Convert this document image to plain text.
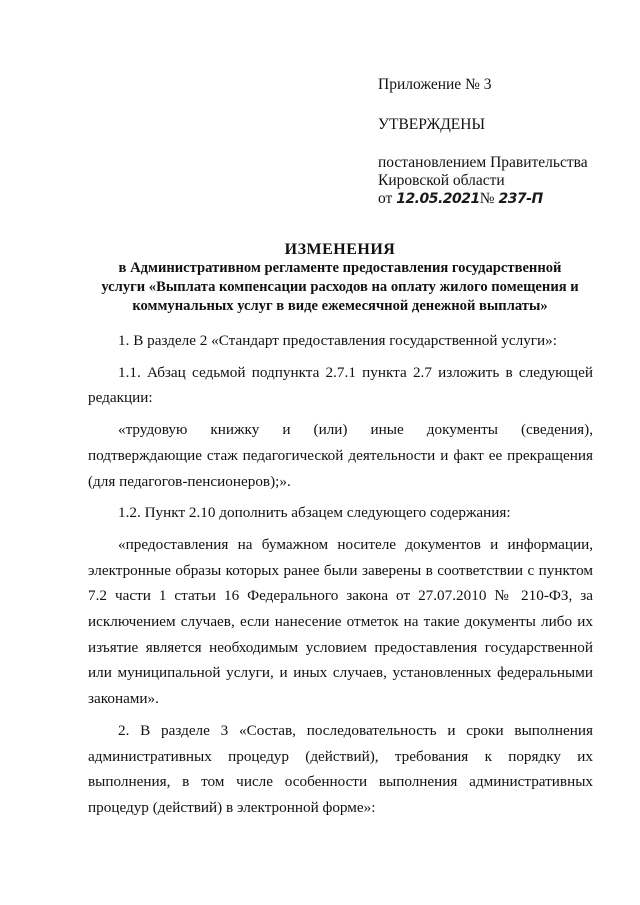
Приложение № 3
УТВЕРЖДЕНЫ
постановлением Правительства
Кировской области
от 12.05.2021№ 237-П
ИЗМЕНЕНИЯ
в Административном регламенте предоставления государственной
услуги «Выплата компенсации расходов на оплату жилого помещения и
коммунальных услуг в виде ежемесячной денежной выплаты»

1. В разделе 2 «Стандарт предоставления государственной услуги»:

1.1. Абзац седьмой подпункта 2.7.1 пункта 2.7 изложить в следующей редакции:

«трудовую книжку и (или) иные документы (сведения), подтверждающие стаж педагогической деятельности и факт ее прекращения (для педагогов-пенсионеров);».

1.2. Пункт 2.10 дополнить абзацем следующего содержания:

«предоставления на бумажном носителе документов и информации, электронные образы которых ранее были заверены в соответствии с пунктом 7.2 части 1 статьи 16 Федерального закона от 27.07.2010 № 210-ФЗ, за исключением случаев, если нанесение отметок на такие документы либо их изъятие является необходимым условием предоставления государственной или муниципальной услуги, и иных случаев, установленных федеральными законами».

2. В разделе 3 «Состав, последовательность и сроки выполнения административных процедур (действий), требования к порядку их выполнения, в том числе особенности выполнения административных процедур (действий) в электронной форме»:
